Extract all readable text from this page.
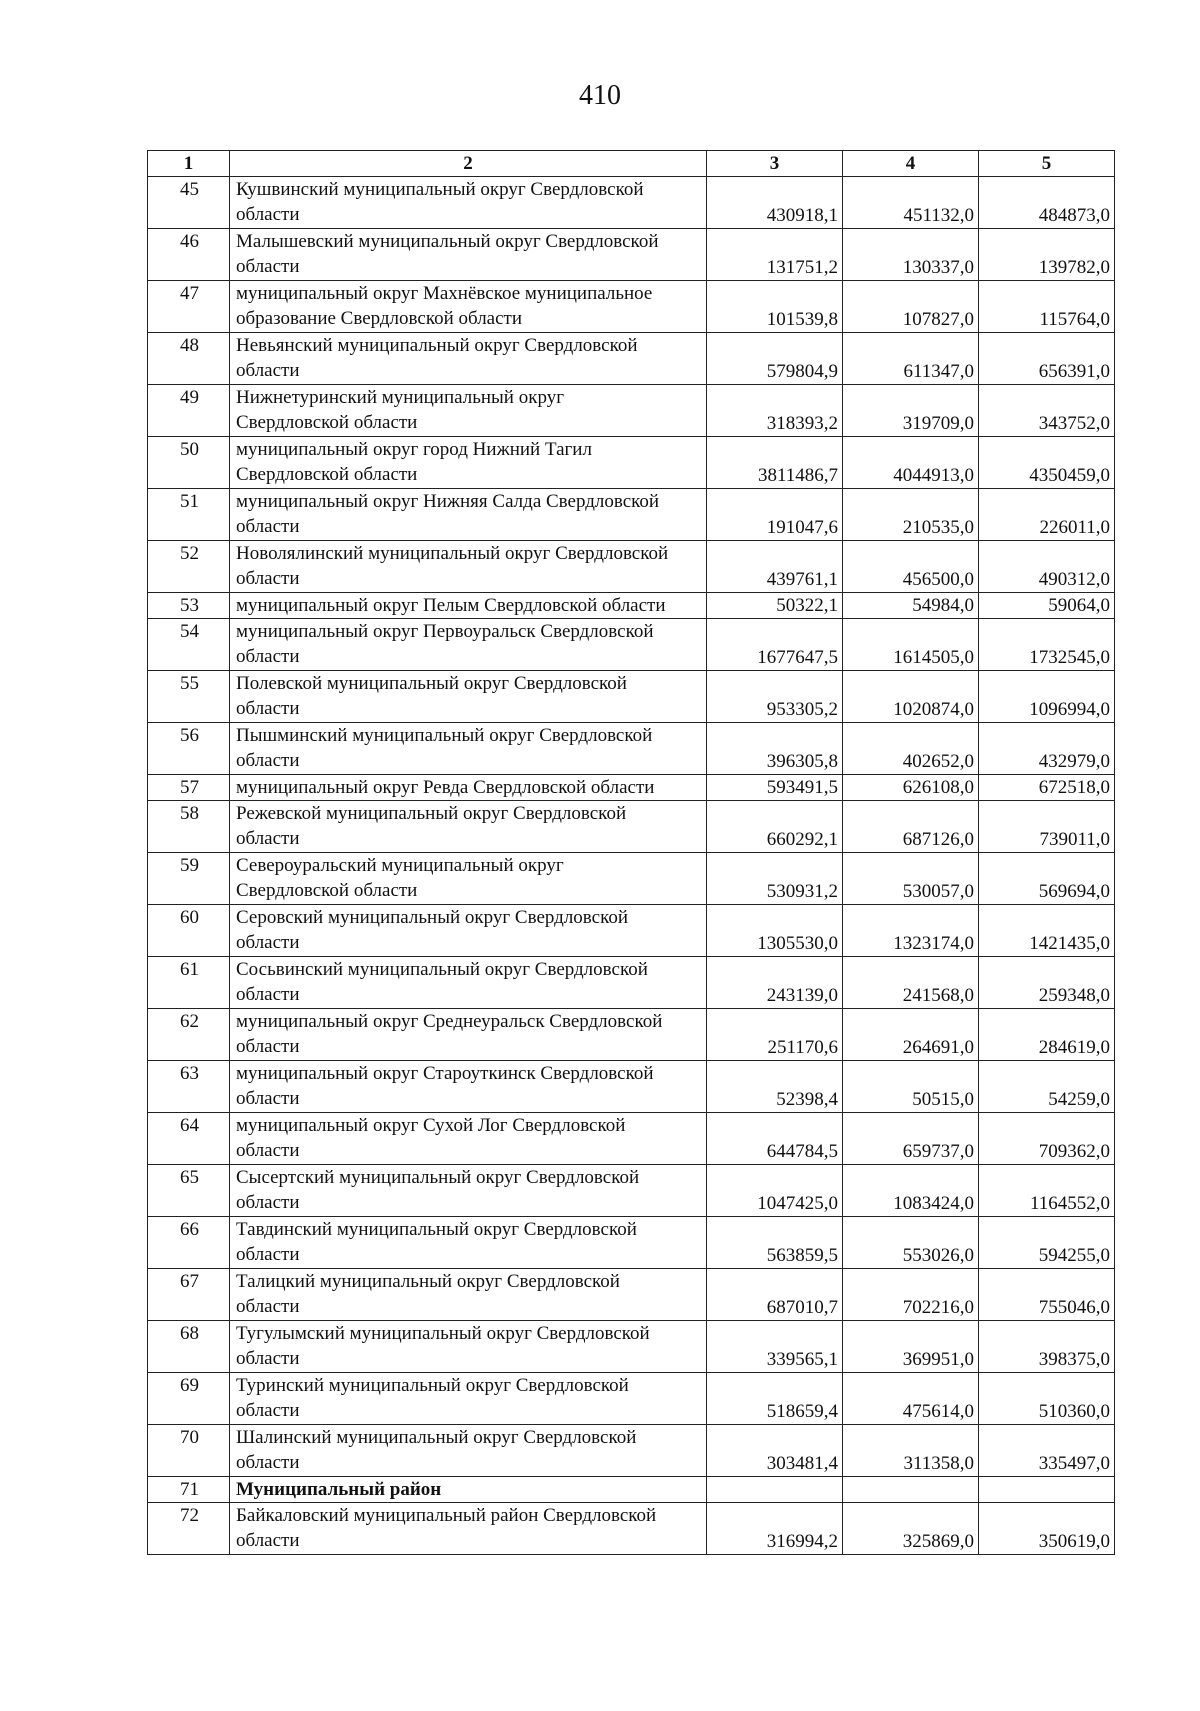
410
1	2	3	4	5
45	Кушвинский муниципальный округ Свердловской
области	430918,1	451132,0	484873,0
46	Малышевский муниципальный округ Свердловской
области	131751,2	130337,0	139782,0
47	муниципальный округ Махнёвское муниципальное
образование Свердловской области	101539,8	107827,0	115764,0
48	Невьянский муниципальный округ Свердловской
области	579804,9	611347,0	656391,0
49	Нижнетуринский муниципальный округ
Свердловской области	318393,2	319709,0	343752,0
50	муниципальный округ город Нижний Тагил
Свердловской области	3811486,7	4044913,0	4350459,0
51	муниципальный округ Нижняя Салда Свердловской
области	191047,6	210535,0	226011,0
52	Новолялинский муниципальный округ Свердловской
области	439761,1	456500,0	490312,0
53	муниципальный округ Пелым Свердловской области	50322,1	54984,0	59064,0
54	муниципальный округ Первоуральск Свердловской
области	1677647,5	1614505,0	1732545,0
55	Полевской муниципальный округ Свердловской
области	953305,2	1020874,0	1096994,0
56	Пышминский муниципальный округ Свердловской
области	396305,8	402652,0	432979,0
57	муниципальный округ Ревда Свердловской области	593491,5	626108,0	672518,0
58	Режевской муниципальный округ Свердловской
области	660292,1	687126,0	739011,0
59	Североуральский муниципальный округ
Свердловской области	530931,2	530057,0	569694,0
60	Серовский муниципальный округ Свердловской
области	1305530,0	1323174,0	1421435,0
61	Сосьвинский муниципальный округ Свердловской
области	243139,0	241568,0	259348,0
62	муниципальный округ Среднеуральск Свердловской
области	251170,6	264691,0	284619,0
63	муниципальный округ Староуткинск Свердловской
области	52398,4	50515,0	54259,0
64	муниципальный округ Сухой Лог Свердловской
области	644784,5	659737,0	709362,0
65	Сысертский муниципальный округ Свердловской
области	1047425,0	1083424,0	1164552,0
66	Тавдинский муниципальный округ Свердловской
области	563859,5	553026,0	594255,0
67	Талицкий муниципальный округ Свердловской
области	687010,7	702216,0	755046,0
68	Тугулымский муниципальный округ Свердловской
области	339565,1	369951,0	398375,0
69	Туринский муниципальный округ Свердловской
области	518659,4	475614,0	510360,0
70	Шалинский муниципальный округ Свердловской
области	303481,4	311358,0	335497,0
71	Муниципальный район			

72	Байкаловский муниципальный район Свердловской
области	316994,2	325869,0	350619,0
